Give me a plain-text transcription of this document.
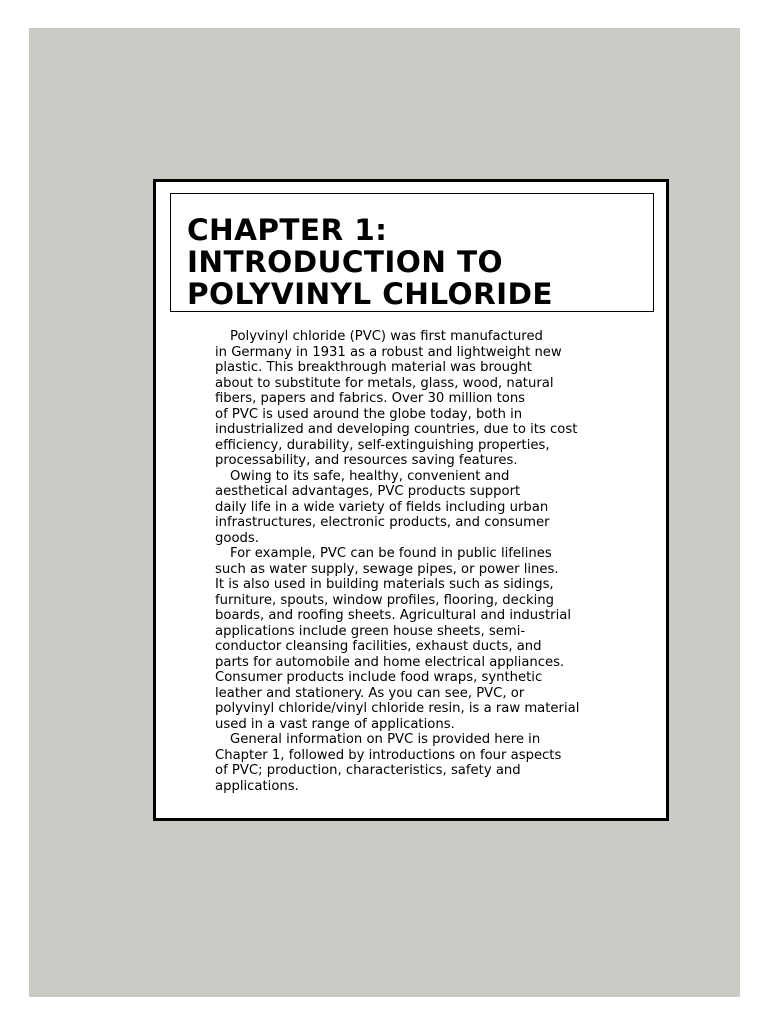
CHAPTER 1:
INTRODUCTION TO
POLYVINYL CHLORIDE
Polyvinyl chloride (PVC) was first manufactured
in Germany in 1931 as a robust and lightweight new
plastic. This breakthrough material was brought
about to substitute for metals, glass, wood, natural
fibers, papers and fabrics. Over 30 million tons
of PVC is used around the globe today, both in
industrialized and developing countries, due to its cost
efficiency, durability, self-extinguishing properties,
processability, and resources saving features.
Owing to its safe, healthy, convenient and
aesthetical advantages, PVC products support
daily life in a wide variety of fields including urban
infrastructures, electronic products, and consumer
goods.
For example, PVC can be found in public lifelines
such as water supply, sewage pipes, or power lines.
It is also used in building materials such as sidings,
furniture, spouts, window profiles, flooring, decking
boards, and roofing sheets. Agricultural and industrial
applications include green house sheets, semi-
conductor cleansing facilities, exhaust ducts, and
parts for automobile and home electrical appliances.
Consumer products include food wraps, synthetic
leather and stationery. As you can see, PVC, or
polyvinyl chloride/vinyl chloride resin, is a raw material
used in a vast range of applications.
General information on PVC is provided here in
Chapter 1, followed by introductions on four aspects
of PVC; production, characteristics, safety and
applications.
